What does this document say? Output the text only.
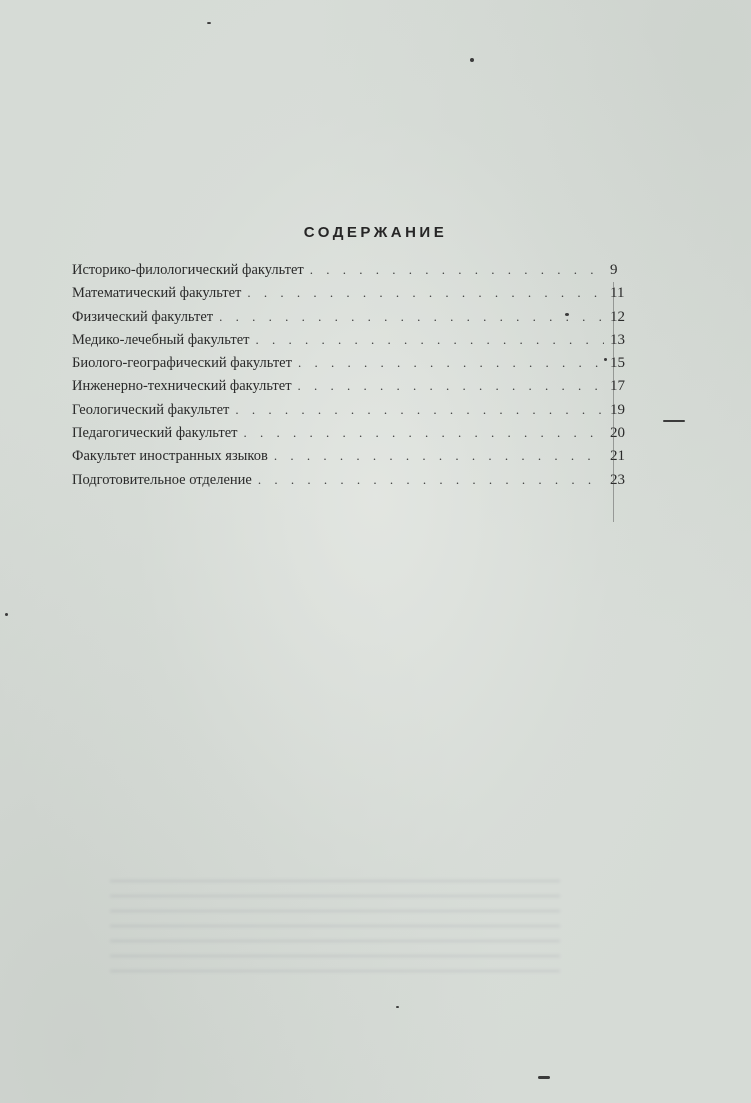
СОДЕРЖАНИЕ
Историко-филологический факультет . . .	9
Математический факультет . . .	11
Физический факультет . . .	12
Медико-лечебный факультет . . .	13
Биолого-географический факультет . . .	15
Инженерно-технический факультет . . .	17
Геологический факультет . . .	19
Педагогический факультет . . .	20
Факультет иностранных языков . . .	21
Подготовительное отделение . . .	23
